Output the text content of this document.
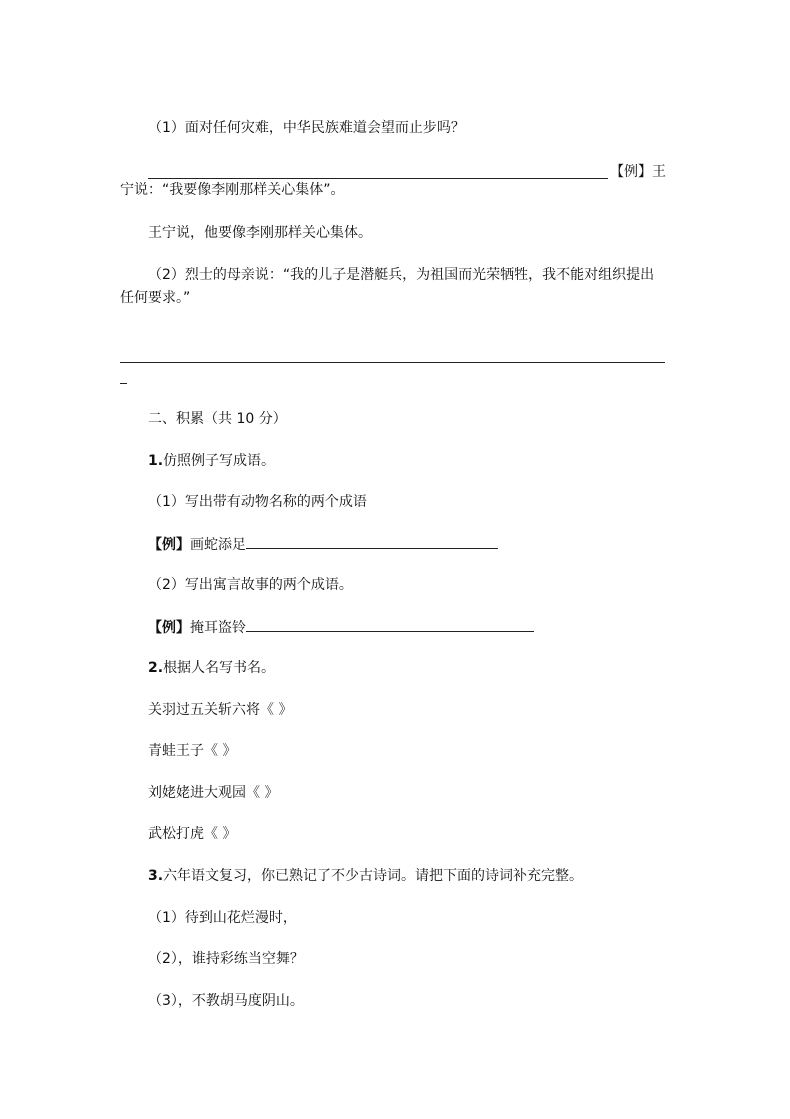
（1）面对任何灾难，中华民族难道会望而止步吗？
【例】王
宁说：“我要像李刚那样关心集体”。
王宁说，他要像李刚那样关心集体。
（2）烈士的母亲说：“我的儿子是潜艇兵，为祖国而光荣牺牲，我不能对组织提出
任何要求。”
二、积累（共 10 分）
1.仿照例子写成语。
（1）写出带有动物名称的两个成语
【例】画蛇添足
（2）写出寓言故事的两个成语。
【例】掩耳盗铃
2.根据人名写书名。
关羽过五关斩六将《 》
青蛙王子《 》
刘姥姥进大观园《 》
武松打虎《 》
3.六年语文复习，你已熟记了不少古诗词。请把下面的诗词补充完整。
（1）待到山花烂漫时，
（2），谁持彩练当空舞？
（3），不教胡马度阴山。
